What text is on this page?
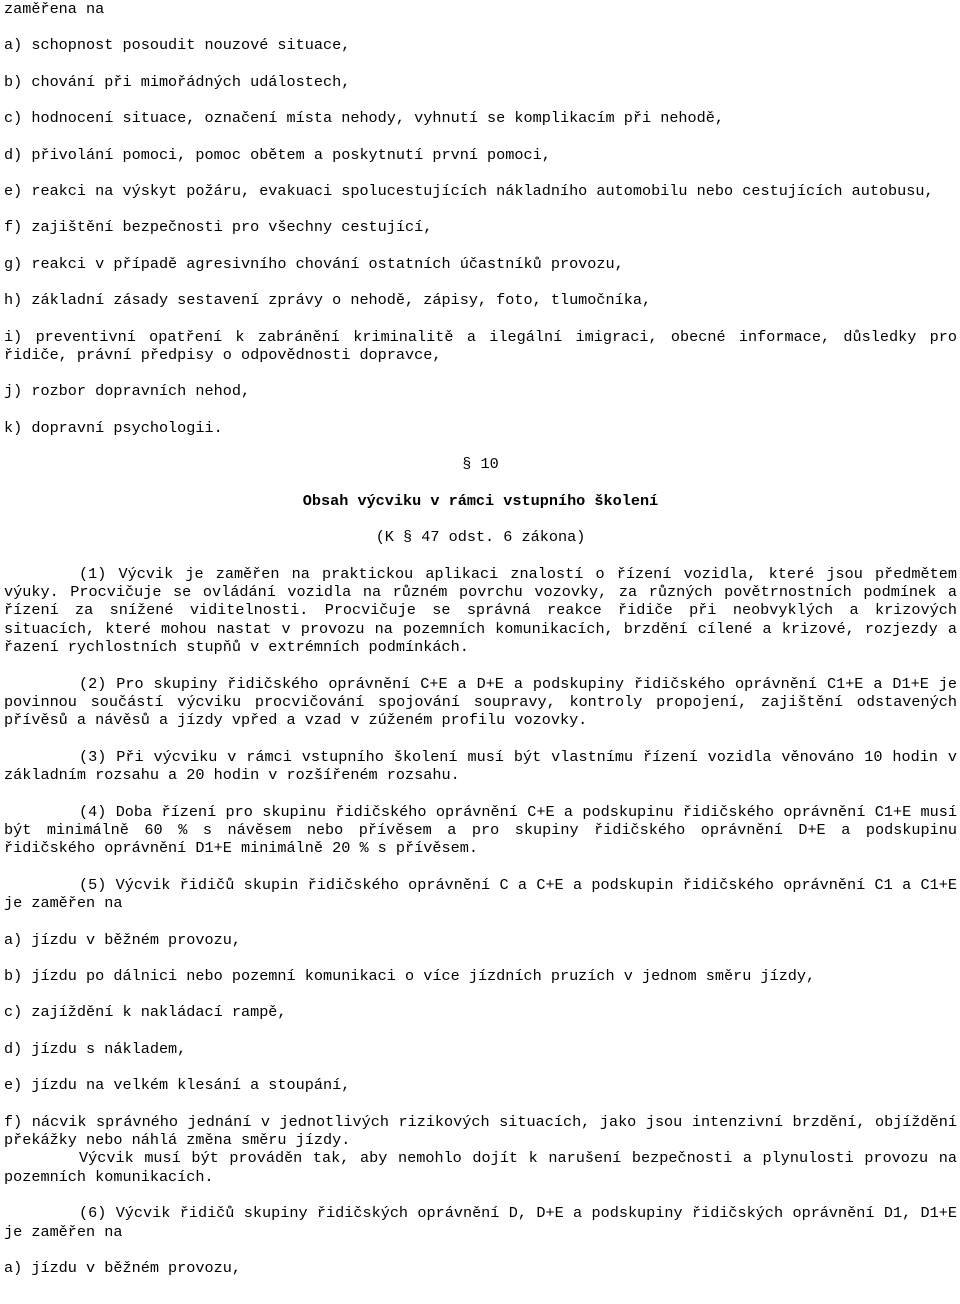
zaměřena na

a) schopnost posoudit nouzové situace,

b) chování při mimořádných událostech,

c) hodnocení situace, označení místa nehody, vyhnutí se komplikacím při nehodě,

d) přivolání pomoci, pomoc obětem a poskytnutí první pomoci,

e) reakci na výskyt požáru, evakuaci spolucestujících nákladního automobilu nebo cestujících autobusu,

f) zajištění bezpečnosti pro všechny cestující,

g) reakci v případě agresivního chování ostatních účastníků provozu,

h) základní zásady sestavení zprávy o nehodě, zápisy, foto, tlumočníka,

i) preventivní opatření k zabránění kriminalitě a ilegální imigraci, obecné informace, důsledky pro řidiče, právní předpisy o odpovědnosti dopravce,

j) rozbor dopravních nehod,

k) dopravní psychologii.

§ 10

Obsah výcviku v rámci vstupního školení

(K § 47 odst. 6 zákona)

(1) Výcvik je zaměřen na praktickou aplikaci znalostí o řízení vozidla, které jsou předmětem výuky. Procvičuje se ovládání vozidla na různém povrchu vozovky, za různých povětrnostních podmínek a řízení za snížené viditelnosti. Procvičuje se správná reakce řidiče při neobvyklých a krizových situacích, které mohou nastat v provozu na pozemních komunikacích, brzdění cílené a krizové, rozjezdy a řazení rychlostních stupňů v extrémních podmínkách.

(2) Pro skupiny řidičského oprávnění C+E a D+E a podskupiny řidičského oprávnění C1+E a D1+E je povinnou součástí výcviku procvičování spojování soupravy, kontroly propojení, zajištění odstavených přívěsů a návěsů a jízdy vpřed a vzad v zúženém profilu vozovky.

(3) Při výcviku v rámci vstupního školení musí být vlastnímu řízení vozidla věnováno 10 hodin v základním rozsahu a 20 hodin v rozšířeném rozsahu.

(4) Doba řízení pro skupinu řidičského oprávnění C+E a podskupinu řidičského oprávnění C1+E musí být minimálně 60 % s návěsem nebo přívěsem a pro skupiny řidičského oprávnění D+E a podskupinu řidičského oprávnění D1+E minimálně 20 % s přívěsem.

(5) Výcvik řidičů skupin řidičského oprávnění C a C+E a podskupin řidičského oprávnění C1 a C1+E je zaměřen na

a) jízdu v běžném provozu,

b) jízdu po dálnici nebo pozemní komunikaci o více jízdních pruzích v jednom směru jízdy,

c) zajíždění k nakládací rampě,

d) jízdu s nákladem,

e) jízdu na velkém klesání a stoupání,

f) nácvik správného jednání v jednotlivých rizikových situacích, jako jsou intenzivní brzdění, objíždění překážky nebo náhlá změna směru jízdy.

Výcvik musí být prováděn tak, aby nemohlo dojít k narušení bezpečnosti a plynulosti provozu na pozemních komunikacích.

(6) Výcvik řidičů skupiny řidičských oprávnění D, D+E a podskupiny řidičských oprávnění D1, D1+E je zaměřen na

a) jízdu v běžném provozu,
